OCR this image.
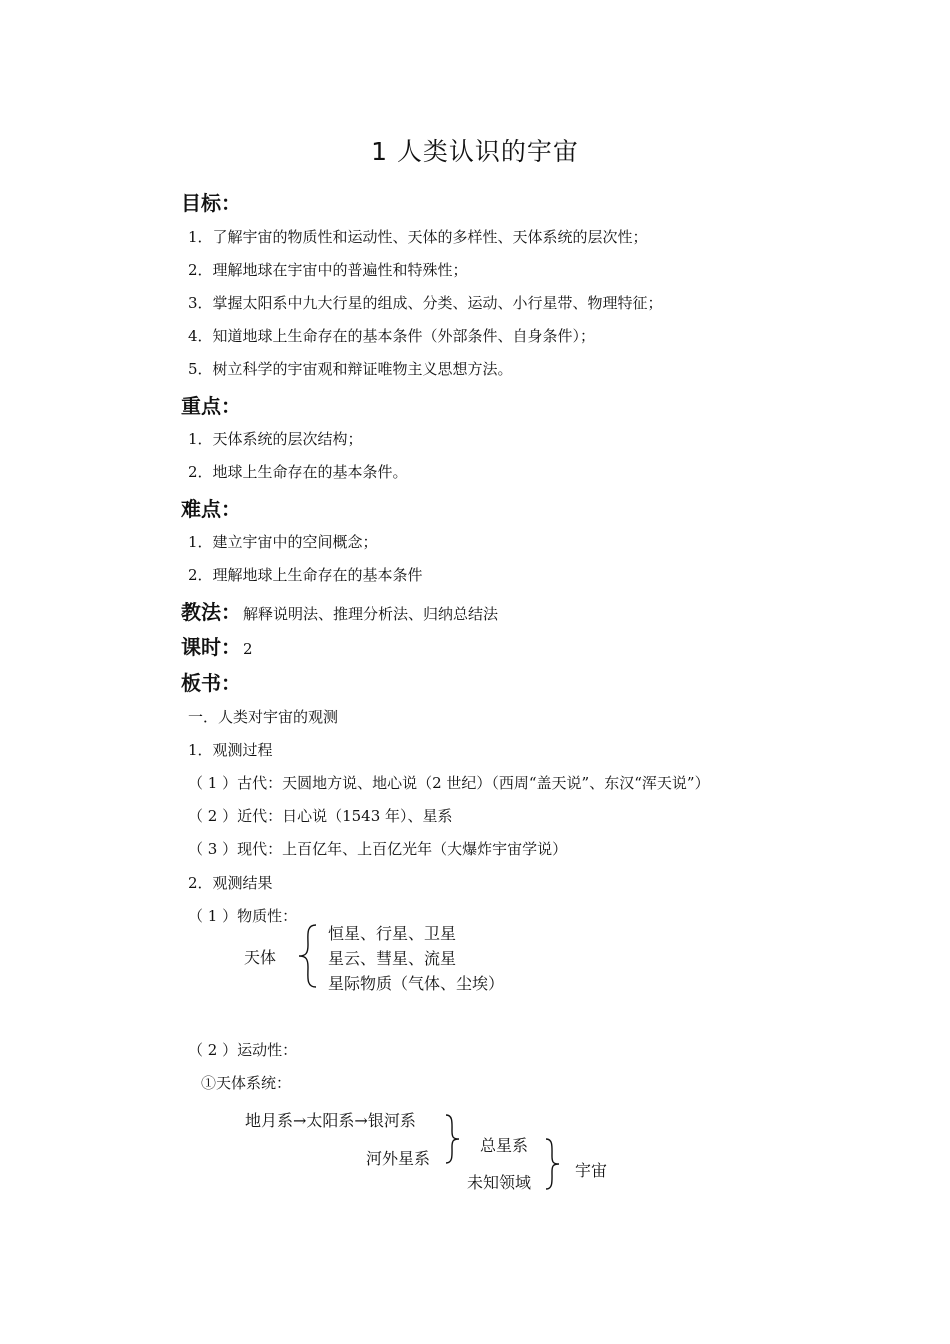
1 人类认识的宇宙
目标：
1．了解宇宙的物质性和运动性、天体的多样性、天体系统的层次性；
2．理解地球在宇宙中的普遍性和特殊性；
3．掌握太阳系中九大行星的组成、分类、运动、小行星带、物理特征；
4．知道地球上生命存在的基本条件（外部条件、自身条件）；
5．树立科学的宇宙观和辩证唯物主义思想方法。
重点：
1．天体系统的层次结构；
2．地球上生命存在的基本条件。
难点：
1．建立宇宙中的空间概念；
2．理解地球上生命存在的基本条件
教法： 解释说明法、推理分析法、归纳总结法
课时： 2
板书：
一．人类对宇宙的观测
1．观测过程
（ 1 ）古代：天圆地方说、地心说（2 世纪）（西周“盖天说”、东汉“浑天说”）
（ 2 ）近代：日心说（1543 年）、星系
（ 3 ）现代：上百亿年、上百亿光年（大爆炸宇宙学说）
2．观测结果
（ 1 ）物质性：
天体
恒星、行星、卫星
星云、彗星、流星
星际物质（气体、尘埃）
（ 2 ）运动性：
①天体系统：
地月系→太阳系→银河系
河外星系
总星系
未知领域
宇宙
